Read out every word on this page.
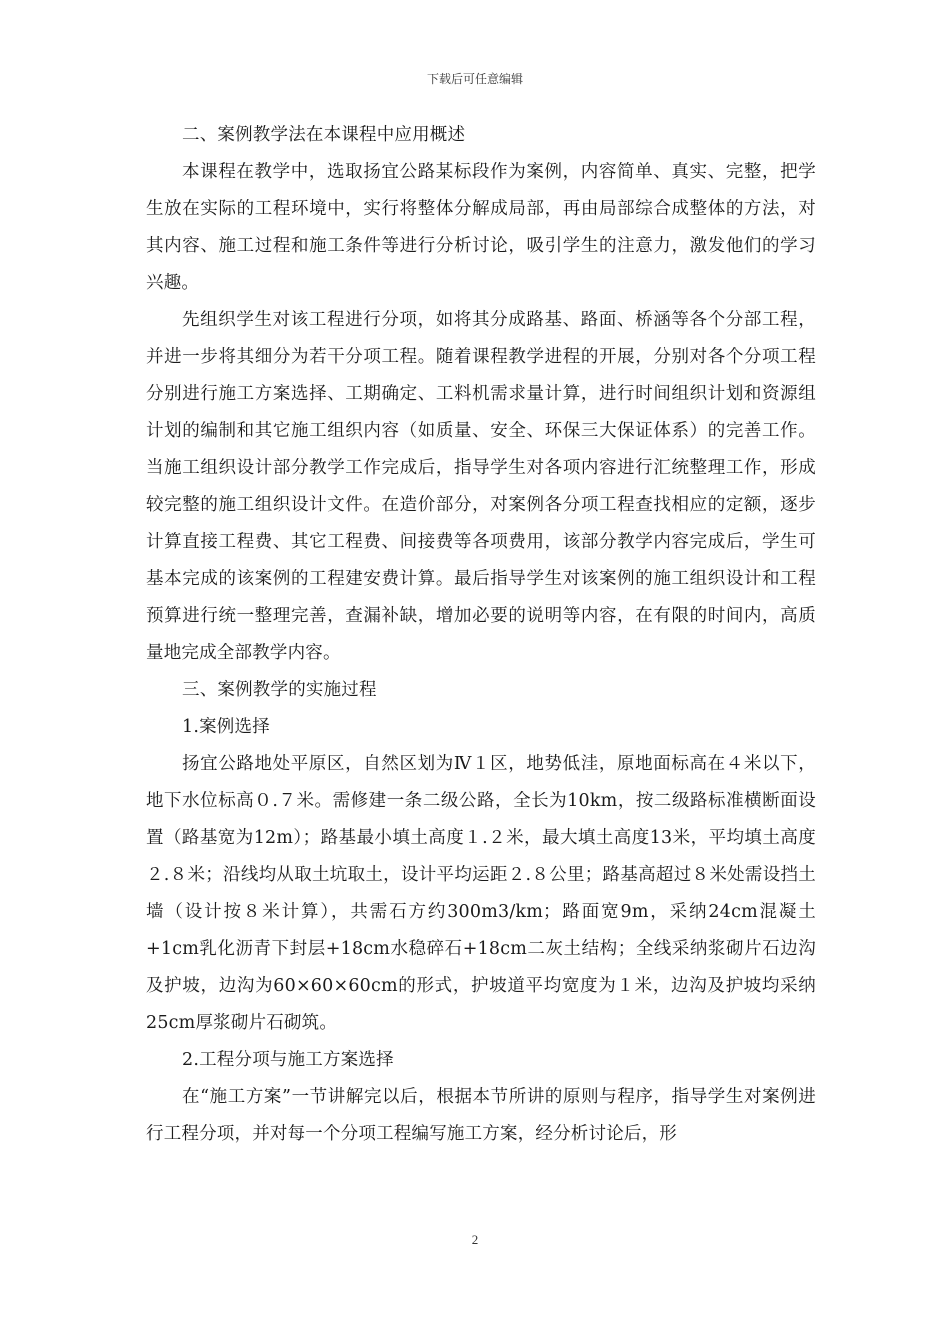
下载后可任意编辑

二、案例教学法在本课程中应用概述

本课程在教学中，选取扬宜公路某标段作为案例，内容简单、真实、完整，把学生放在实际的工程环境中，实行将整体分解成局部，再由局部综合成整体的方法，对其内容、施工过程和施工条件等进行分析讨论，吸引学生的注意力，激发他们的学习兴趣。

先组织学生对该工程进行分项，如将其分成路基、路面、桥涵等各个分部工程，并进一步将其细分为若干分项工程。随着课程教学进程的开展，分别对各个分项工程分别进行施工方案选择、工期确定、工料机需求量计算，进行时间组织计划和资源组计划的编制和其它施工组织内容（如质量、安全、环保三大保证体系）的完善工作。当施工组织设计部分教学工作完成后，指导学生对各项内容进行汇统整理工作，形成较完整的施工组织设计文件。在造价部分，对案例各分项工程查找相应的定额，逐步计算直接工程费、其它工程费、间接费等各项费用，该部分教学内容完成后，学生可基本完成的该案例的工程建安费计算。最后指导学生对该案例的施工组织设计和工程预算进行统一整理完善，查漏补缺，增加必要的说明等内容，在有限的时间内，高质量地完成全部教学内容。

三、案例教学的实施过程

1.案例选择

扬宜公路地处平原区，自然区划为Ⅳ１区，地势低洼，原地面标高在４米以下，地下水位标高０.７米。需修建一条二级公路，全长为10km，按二级路标准横断面设置（路基宽为12m）；路基最小填土高度１.２米，最大填土高度13米，平均填土高度２.８米；沿线均从取土坑取土，设计平均运距２.８公里；路基高超过８米处需设挡土墙（设计按８米计算），共需石方约300m3/km；路面宽9m，采纳24cm混凝土+1cm乳化沥青下封层+18cm水稳碎石+18cm二灰土结构；全线采纳浆砌片石边沟及护坡，边沟为60×60×60cm的形式，护坡道平均宽度为１米，边沟及护坡均采纳25cm厚浆砌片石砌筑。

2.工程分项与施工方案选择

在“施工方案”一节讲解完以后，根据本节所讲的原则与程序，指导学生对案例进行工程分项，并对每一个分项工程编写施工方案，经分析讨论后，形

2
